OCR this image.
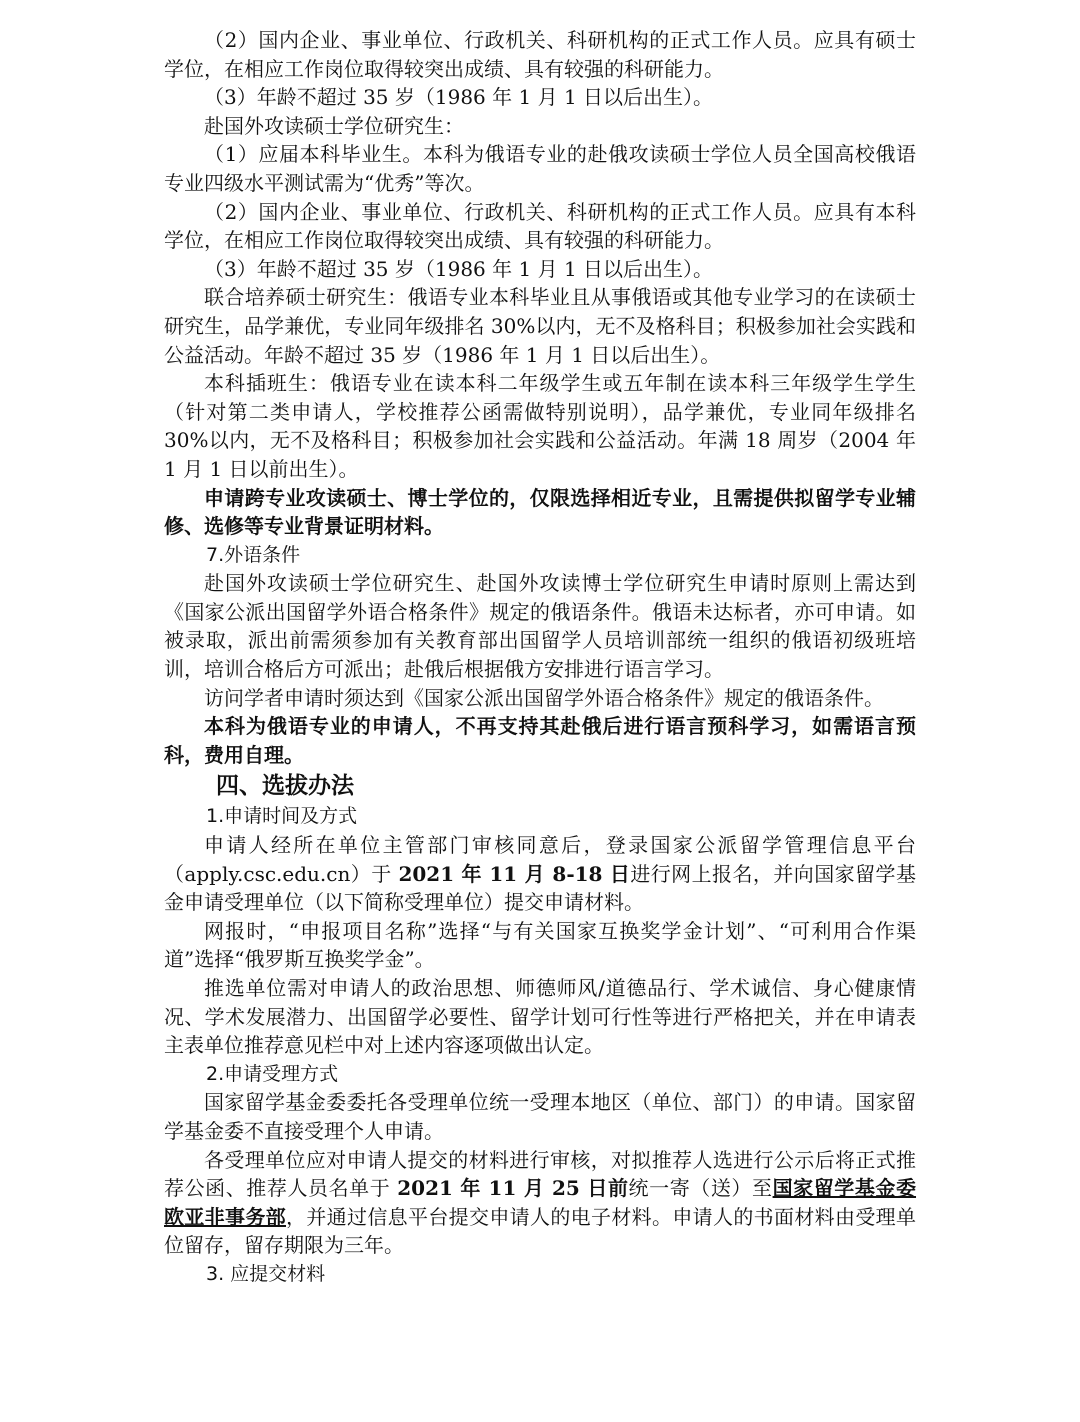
（2）国内企业、事业单位、行政机关、科研机构的正式工作人员。应具有硕士学位，在相应工作岗位取得较突出成绩、具有较强的科研能力。

（3）年龄不超过 35 岁（1986 年 1 月 1 日以后出生）。

赴国外攻读硕士学位研究生：

（1）应届本科毕业生。本科为俄语专业的赴俄攻读硕士学位人员全国高校俄语专业四级水平测试需为“优秀”等次。

（2）国内企业、事业单位、行政机关、科研机构的正式工作人员。应具有本科学位，在相应工作岗位取得较突出成绩、具有较强的科研能力。

（3）年龄不超过 35 岁（1986 年 1 月 1 日以后出生）。

联合培养硕士研究生：俄语专业本科毕业且从事俄语或其他专业学习的在读硕士研究生，品学兼优，专业同年级排名 30%以内，无不及格科目；积极参加社会实践和公益活动。年龄不超过 35 岁（1986 年 1 月 1 日以后出生）。

本科插班生：俄语专业在读本科二年级学生或五年制在读本科三年级学生学生（针对第二类申请人，学校推荐公函需做特别说明），品学兼优，专业同年级排名 30%以内，无不及格科目；积极参加社会实践和公益活动。年满 18 周岁（2004 年 1 月 1 日以前出生）。

申请跨专业攻读硕士、博士学位的，仅限选择相近专业，且需提供拟留学专业辅修、选修等专业背景证明材料。

7.外语条件

赴国外攻读硕士学位研究生、赴国外攻读博士学位研究生申请时原则上需达到《国家公派出国留学外语合格条件》规定的俄语条件。俄语未达标者，亦可申请。如被录取，派出前需须参加有关教育部出国留学人员培训部统一组织的俄语初级班培训，培训合格后方可派出；赴俄后根据俄方安排进行语言学习。

访问学者申请时须达到《国家公派出国留学外语合格条件》规定的俄语条件。

本科为俄语专业的申请人，不再支持其赴俄后进行语言预科学习，如需语言预科，费用自理。

四、选拔办法

1.申请时间及方式

申请人经所在单位主管部门审核同意后，登录国家公派留学管理信息平台（apply.csc.edu.cn）于 2021 年 11 月 8-18 日进行网上报名，并向国家留学基金申请受理单位（以下简称受理单位）提交申请材料。

网报时，“申报项目名称”选择“与有关国家互换奖学金计划”、“可利用合作渠道”选择“俄罗斯互换奖学金”。

推选单位需对申请人的政治思想、师德师风/道德品行、学术诚信、身心健康情况、学术发展潜力、出国留学必要性、留学计划可行性等进行严格把关，并在申请表主表单位推荐意见栏中对上述内容逐项做出认定。

2.申请受理方式

国家留学基金委委托各受理单位统一受理本地区（单位、部门）的申请。国家留学基金委不直接受理个人申请。

各受理单位应对申请人提交的材料进行审核，对拟推荐人选进行公示后将正式推荐公函、推荐人员名单于 2021 年 11 月 25 日前统一寄（送）至国家留学基金委欧亚非事务部，并通过信息平台提交申请人的电子材料。申请人的书面材料由受理单位留存，留存期限为三年。

3. 应提交材料
